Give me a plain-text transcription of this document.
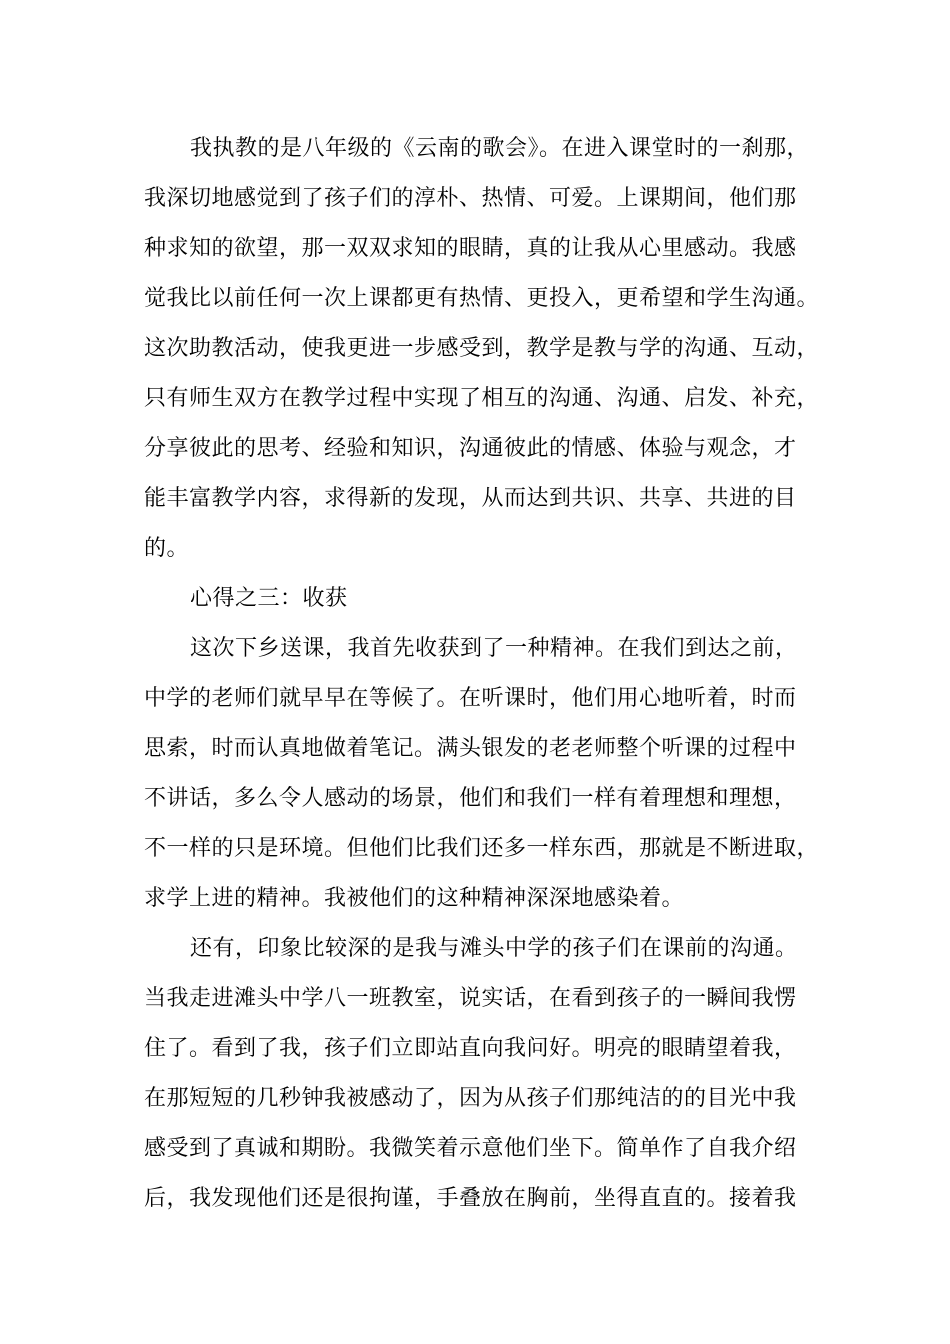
我执教的是八年级的《云南的歌会》。在进入课堂时的一刹那，
我深切地感觉到了孩子们的淳朴、热情、可爱。上课期间，他们那
种求知的欲望，那一双双求知的眼睛，真的让我从心里感动。我感
觉我比以前任何一次上课都更有热情、更投入，更希望和学生沟通。
这次助教活动，使我更进一步感受到，教学是教与学的沟通、互动，
只有师生双方在教学过程中实现了相互的沟通、沟通、启发、补充，
分享彼此的思考、经验和知识，沟通彼此的情感、体验与观念，才
能丰富教学内容，求得新的发现，从而达到共识、共享、共进的目
的。
心得之三：收获
这次下乡送课，我首先收获到了一种精神。在我们到达之前，
中学的老师们就早早在等候了。在听课时，他们用心地听着，时而
思索，时而认真地做着笔记。满头银发的老老师整个听课的过程中
不讲话，多么令人感动的场景，他们和我们一样有着理想和理想，
不一样的只是环境。但他们比我们还多一样东西，那就是不断进取，
求学上进的精神。我被他们的这种精神深深地感染着。
还有，印象比较深的是我与滩头中学的孩子们在课前的沟通。
当我走进滩头中学八一班教室，说实话，在看到孩子的一瞬间我愣
住了。看到了我，孩子们立即站直向我问好。明亮的眼睛望着我，
在那短短的几秒钟我被感动了，因为从孩子们那纯洁的的目光中我
感受到了真诚和期盼。我微笑着示意他们坐下。简单作了自我介绍
后，我发现他们还是很拘谨，手叠放在胸前，坐得直直的。接着我
